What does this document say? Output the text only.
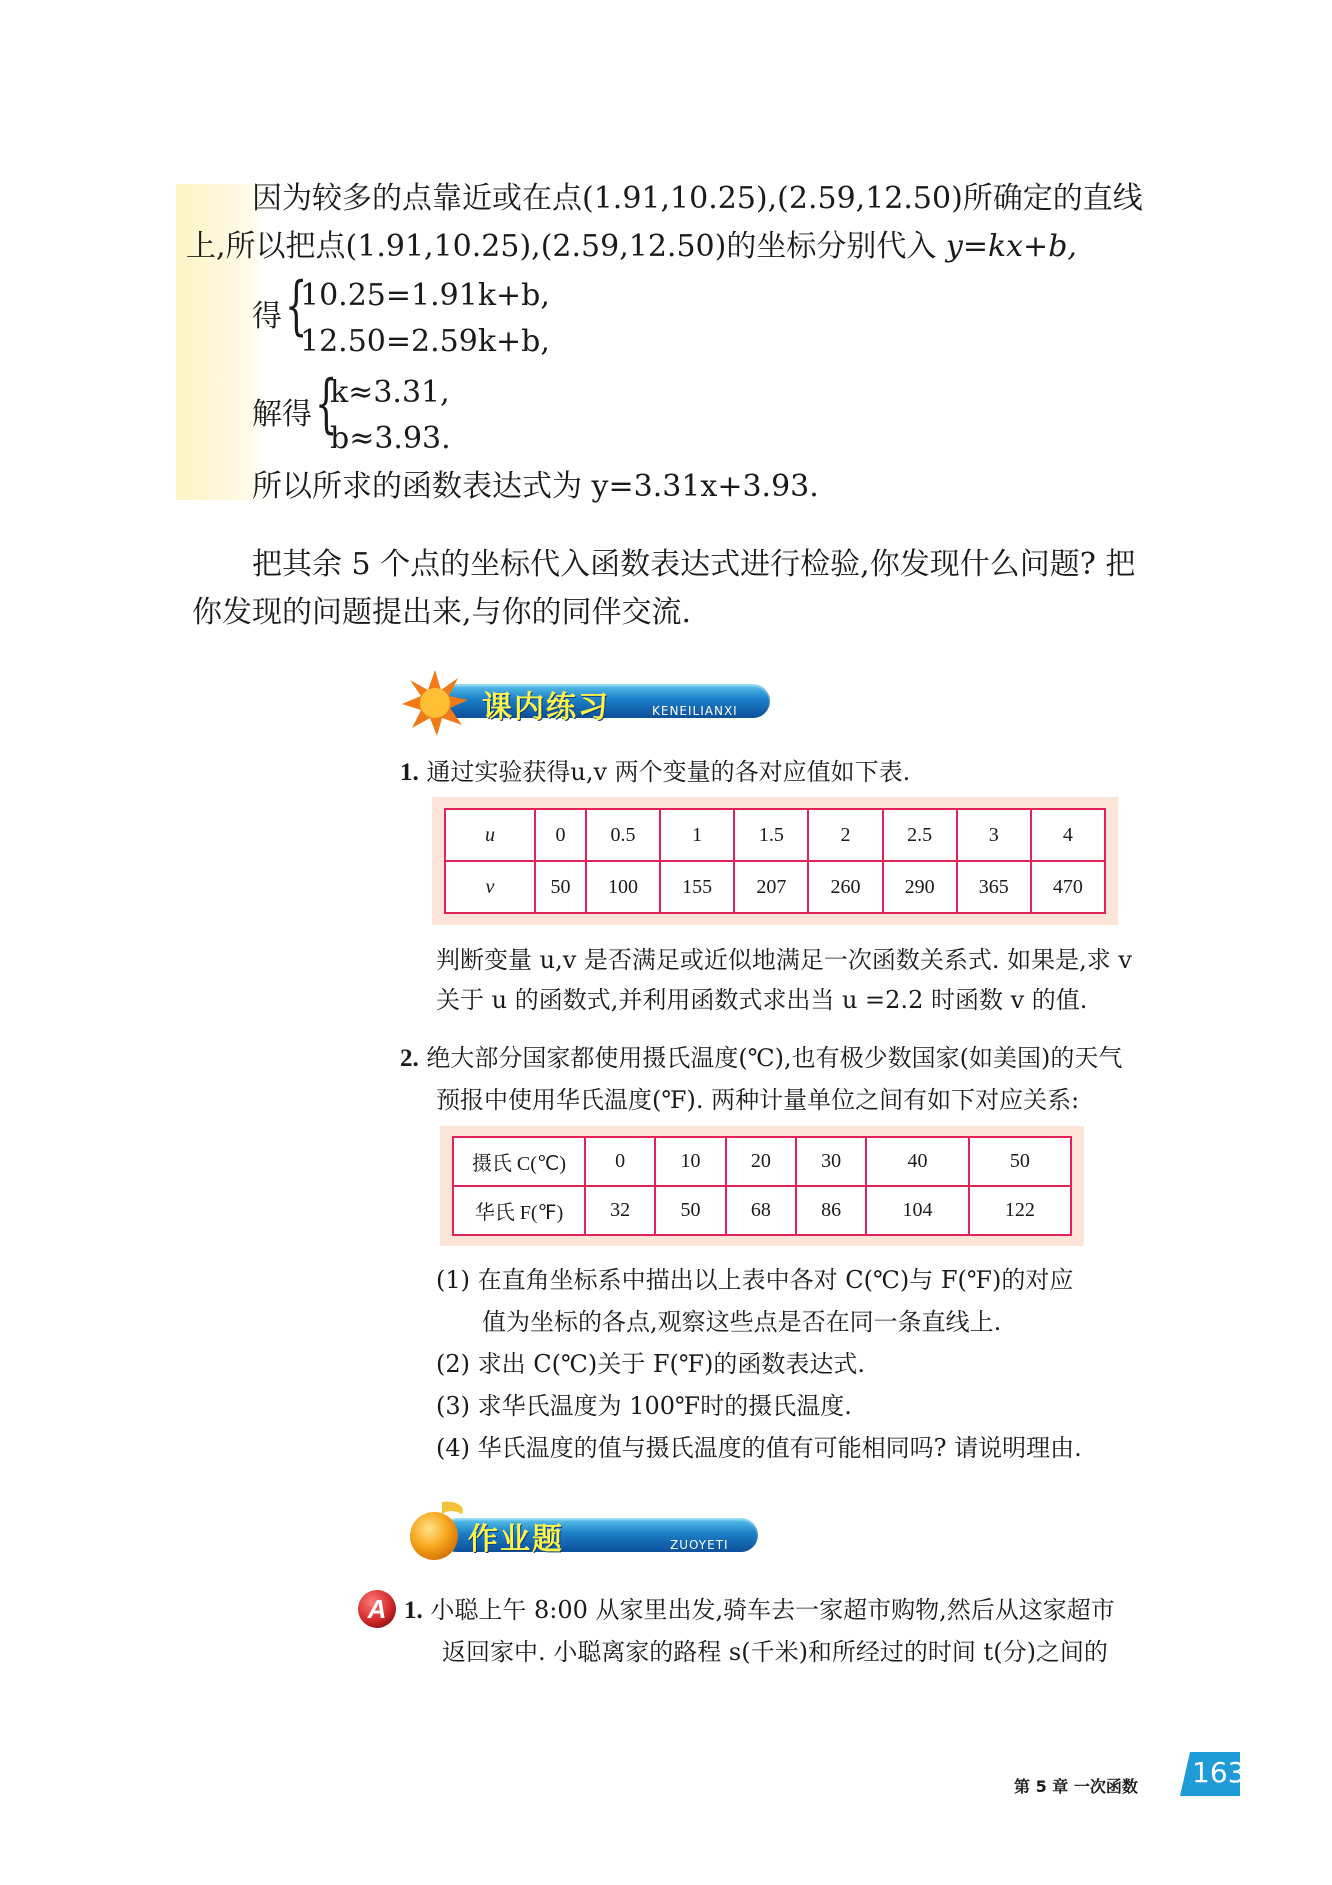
因为较多的点靠近或在点(1.91,10.25),(2.59,12.50)所确定的直线
上,所以把点(1.91,10.25),(2.59,12.50)的坐标分别代入 y=kx+b,
得 {
10.25=1.91k+b,
12.50=2.59k+b,
解得 {
k≈3.31,
b≈3.93.
所以所求的函数表达式为 y=3.31x+3.93.
把其余 5 个点的坐标代入函数表达式进行检验,你发现什么问题? 把
你发现的问题提出来,与你的同伴交流.
课内练习	KENEILIANXI
1. 通过实验获得u,v 两个变量的各对应值如下表.
u	0	0.5	1	1.5	2	2.5	3	4
v	50	100	155	207	260	290	365	470
判断变量 u,v 是否满足或近似地满足一次函数关系式. 如果是,求 v
关于 u 的函数式,并利用函数式求出当 u =2.2 时函数 v 的值.
2. 绝大部分国家都使用摄氏温度(℃),也有极少数国家(如美国)的天气
预报中使用华氏温度(℉). 两种计量单位之间有如下对应关系:
摄氏 C(℃)	0	10	20	30	40	50
华氏 F(℉)	32	50	68	86	104	122
(1) 在直角坐标系中描出以上表中各对 C(℃)与 F(℉)的对应
值为坐标的各点,观察这些点是否在同一条直线上.
(2) 求出 C(℃)关于 F(℉)的函数表达式.
(3) 求华氏温度为 100℉时的摄氏温度.
(4) 华氏温度的值与摄氏温度的值有可能相同吗? 请说明理由.
作业题	ZUOYETI
A 1. 小聪上午 8:00 从家里出发,骑车去一家超市购物,然后从这家超市
返回家中. 小聪离家的路程 s(千米)和所经过的时间 t(分)之间的
第 5 章 一次函数 163
